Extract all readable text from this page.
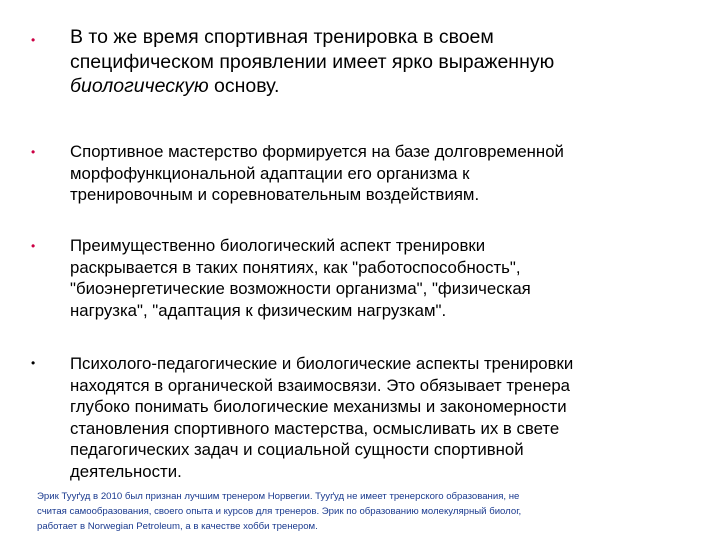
• В то же время спортивная тренировка в своем
специфическом проявлении имеет ярко выраженную
биологическую основу.

• Спортивное мастерство формируется на базе долговременной
морфофункциональной адаптации его организма к
тренировочным и соревновательным воздействиям.

• Преимущественно биологический аспект тренировки
раскрывается в таких понятиях, как "работоспособность",
"биоэнергетические возможности организма", "физическая
нагрузка", "адаптация к физическим нагрузкам".

• Психолого-педагогические и биологические аспекты тренировки
находятся в органической взаимосвязи. Это обязывает тренера
глубоко понимать биологические механизмы и закономерности
становления спортивного мастерства, осмысливать их в свете
педагогических задач и социальной сущности спортивной
деятельности.

Эрик Тууґуд в 2010 был признан лучшим тренером Норвегии. Тууґуд не имеет тренерского образования, не
считая самообразования, своего опыта и курсов для тренеров. Эрик по образованию молекулярный биолог,
работает в Norwegian Petroleum, а в качестве хобби тренером.
